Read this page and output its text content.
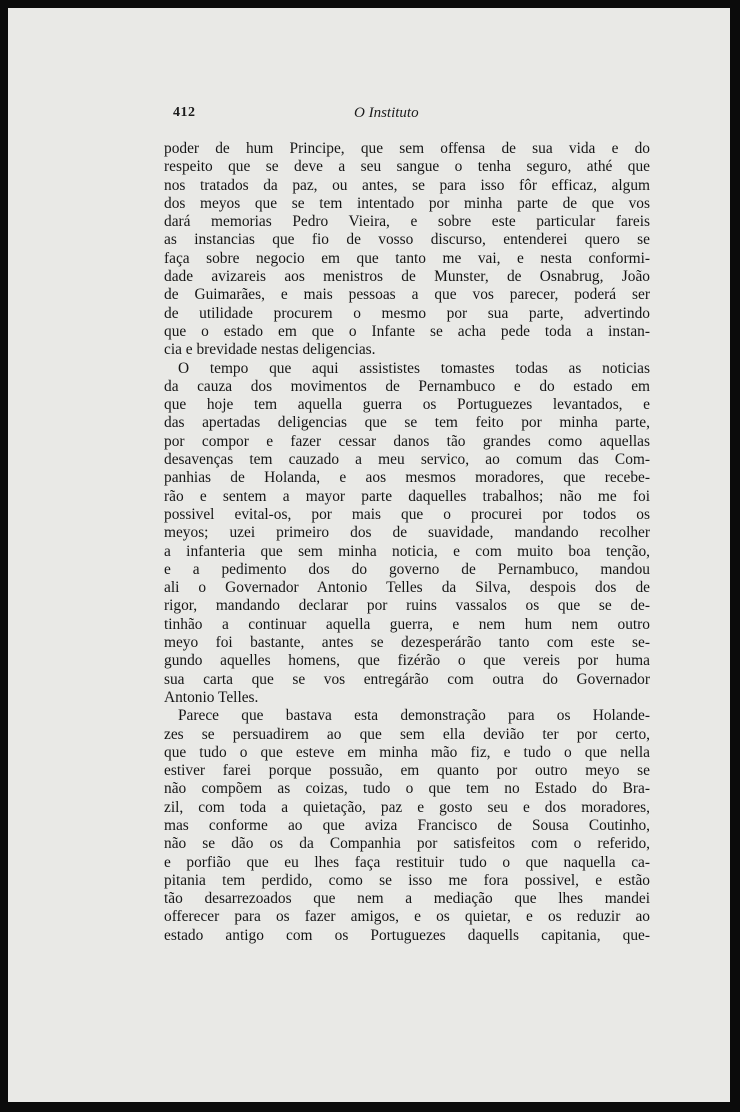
412	O Instituto
poder de hum Principe, que sem offensa de sua vida e do
respeito que se deve a seu sangue o tenha seguro, athé que
nos tratados da paz, ou antes, se para isso fôr efficaz, algum
dos meyos que se tem intentado por minha parte de que vos
dará memorias Pedro Vieira, e sobre este particular fareis
as instancias que fio de vosso discurso, entenderei quero se
faça sobre negocio em que tanto me vai, e nesta conformi-
dade avizareis aos menistros de Munster, de Osnabrug, João
de Guimarães, e mais pessoas a que vos parecer, poderá ser
de utilidade procurem o mesmo por sua parte, advertindo
que o estado em que o Infante se acha pede toda a instan-
cia e brevidade nestas deligencias.
O tempo que aqui assististes tomastes todas as noticias
da cauza dos movimentos de Pernambuco e do estado em
que hoje tem aquella guerra os Portuguezes levantados, e
das apertadas deligencias que se tem feito por minha parte,
por compor e fazer cessar danos tão grandes como aquellas
desavenças tem cauzado a meu servico, ao comum das Com-
panhias de Holanda, e aos mesmos moradores, que recebe-
rão e sentem a mayor parte daquelles trabalhos; não me foi
possivel evital-os, por mais que o procurei por todos os
meyos; uzei primeiro dos de suavidade, mandando recolher
a infanteria que sem minha noticia, e com muito boa tenção,
e a pedimento dos do governo de Pernambuco, mandou
ali o Governador Antonio Telles da Silva, despois dos de
rigor, mandando declarar por ruins vassalos os que se de-
tinhão a continuar aquella guerra, e nem hum nem outro
meyo foi bastante, antes se dezesperárão tanto com este se-
gundo aquelles homens, que fizérão o que vereis por huma
sua carta que se vos entregárão com outra do Governador
Antonio Telles.
Parece que bastava esta demonstração para os Holande-
zes se persuadirem ao que sem ella devião ter por certo,
que tudo o que esteve em minha mão fiz, e tudo o que nella
estiver farei porque possuão, em quanto por outro meyo se
não compõem as coizas, tudo o que tem no Estado do Bra-
zil, com toda a quietação, paz e gosto seu e dos moradores,
mas conforme ao que aviza Francisco de Sousa Coutinho,
não se dão os da Companhia por satisfeitos com o referido,
e porfião que eu lhes faça restituir tudo o que naquella ca-
pitania tem perdido, como se isso me fora possivel, e estão
tão desarrezoados que nem a mediação que lhes mandei
offerecer para os fazer amigos, e os quietar, e os reduzir ao
estado antigo com os Portuguezes daquells capitania, que-
